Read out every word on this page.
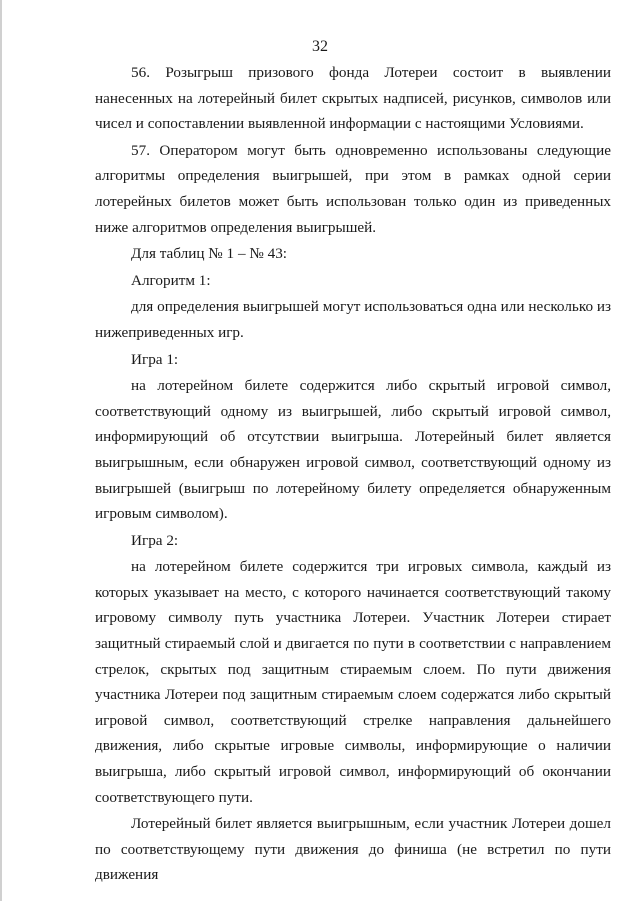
32

56. Розыгрыш призового фонда Лотереи состоит в выявлении нанесенных на лотерейный билет скрытых надписей, рисунков, символов или чисел и сопоставлении выявленной информации с настоящими Условиями.

57. Оператором могут быть одновременно использованы следующие алгоритмы определения выигрышей, при этом в рамках одной серии лотерейных билетов может быть использован только один из приведенных ниже алгоритмов определения выигрышей.

Для таблиц № 1 – № 43:

Алгоритм 1:

для определения выигрышей могут использоваться одна или несколько из нижеприведенных игр.

Игра 1:

на лотерейном билете содержится либо скрытый игровой символ, соответствующий одному из выигрышей, либо скрытый игровой символ, информирующий об отсутствии выигрыша. Лотерейный билет является выигрышным, если обнаружен игровой символ, соответствующий одному из выигрышей (выигрыш по лотерейному билету определяется обнаруженным игровым символом).

Игра 2:

на лотерейном билете содержится три игровых символа, каждый из которых указывает на место, с которого начинается соответствующий такому игровому символу путь участника Лотереи. Участник Лотереи стирает защитный стираемый слой и двигается по пути в соответствии с направлением стрелок, скрытых под защитным стираемым слоем. По пути движения участника Лотереи под защитным стираемым слоем содержатся либо скрытый игровой символ, соответствующий стрелке направления дальнейшего движения, либо скрытые игровые символы, информирующие о наличии выигрыша, либо скрытый игровой символ, информирующий об окончании соответствующего пути.

Лотерейный билет является выигрышным, если участник Лотереи дошел по соответствующему пути движения до финиша (не встретил по пути движения
